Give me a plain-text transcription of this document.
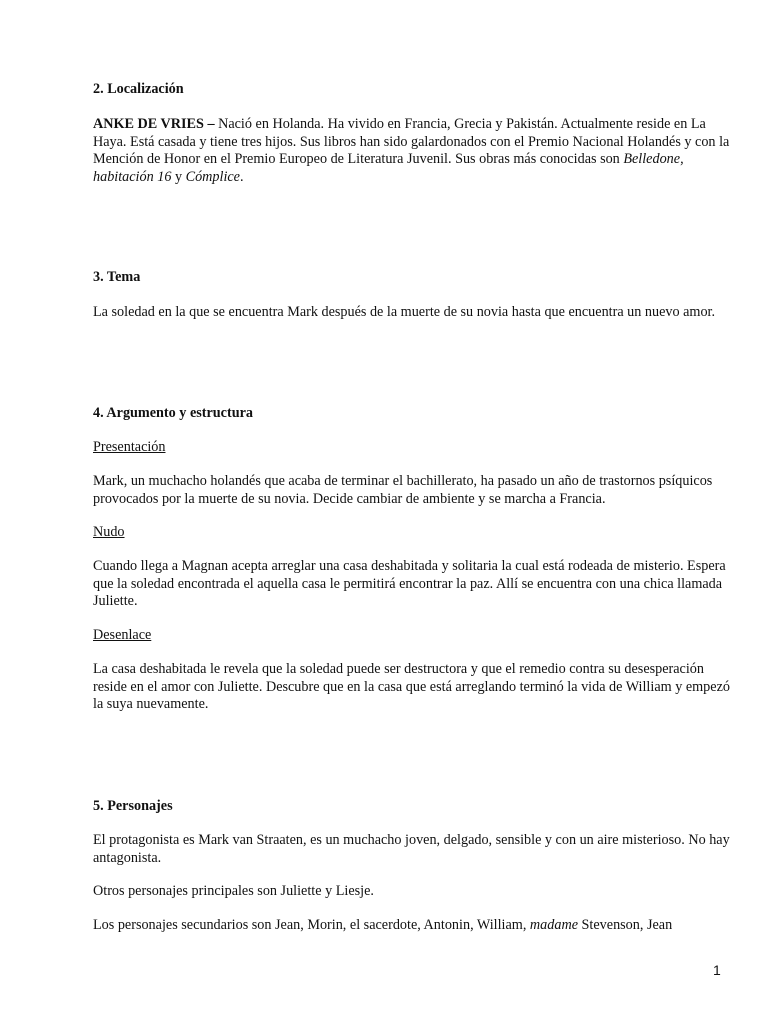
2. Localización

ANKE DE VRIES – Nació en Holanda. Ha vivido en Francia, Grecia y Pakistán. Actualmente reside en La Haya. Está casada y tiene tres hijos. Sus libros han sido galardonados con el Premio Nacional Holandés y con la Mención de Honor en el Premio Europeo de Literatura Juvenil. Sus obras más conocidas son Belledone, habitación 16 y Cómplice.

3. Tema

La soledad en la que se encuentra Mark después de la muerte de su novia hasta que encuentra un nuevo amor.

4. Argumento y estructura

Presentación

Mark, un muchacho holandés que acaba de terminar el bachillerato, ha pasado un año de trastornos psíquicos provocados por la muerte de su novia. Decide cambiar de ambiente y se marcha a Francia.

Nudo

Cuando llega a Magnan acepta arreglar una casa deshabitada y solitaria la cual está rodeada de misterio. Espera que la soledad encontrada el aquella casa le permitirá encontrar la paz. Allí se encuentra con una chica llamada Juliette.

Desenlace

La casa deshabitada le revela que la soledad puede ser destructora y que el remedio contra su desesperación reside en el amor con Juliette. Descubre que en la casa que está arreglando terminó la vida de William y empezó la suya nuevamente.

5. Personajes

El protagonista es Mark van Straaten, es un muchacho joven, delgado, sensible y con un aire misterioso. No hay antagonista.

Otros personajes principales son Juliette y Liesje.

Los personajes secundarios son Jean, Morin, el sacerdote, Antonin, William, madame Stevenson, Jean

1
